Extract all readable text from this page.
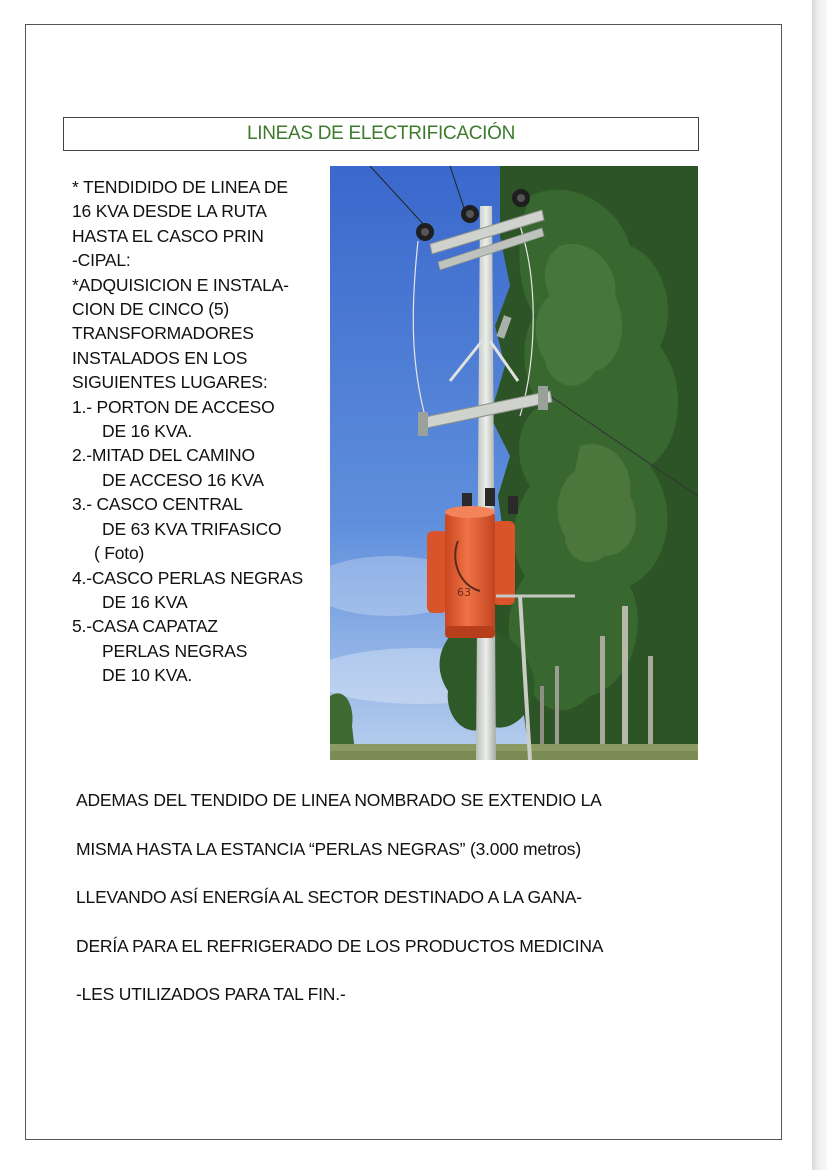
LINEAS DE ELECTRIFICACIÓN
* TENDIDIDO DE LINEA DE
16 KVA DESDE LA RUTA
HASTA EL CASCO PRIN
-CIPAL:
*ADQUISICION E INSTALA-
CION DE CINCO (5)
TRANSFORMADORES
INSTALADOS EN LOS
SIGUIENTES LUGARES:
1.- PORTON DE ACCESO
DE 16 KVA.
2.-MITAD DEL CAMINO
DE ACCESO 16 KVA
3.- CASCO CENTRAL
DE 63 KVA TRIFASICO
( Foto)
4.-CASCO PERLAS NEGRAS
DE 16 KVA
5.-CASA CAPATAZ
PERLAS NEGRAS
DE 10 KVA.
63
ADEMAS DEL TENDIDO DE LINEA NOMBRADO SE EXTENDIO LA
MISMA HASTA LA ESTANCIA “PERLAS NEGRAS” (3.000 metros)
LLEVANDO ASÍ ENERGÍA AL SECTOR DESTINADO A LA GANA-
DERÍA PARA EL REFRIGERADO DE LOS PRODUCTOS MEDICINA
-LES UTILIZADOS PARA TAL FIN.-
